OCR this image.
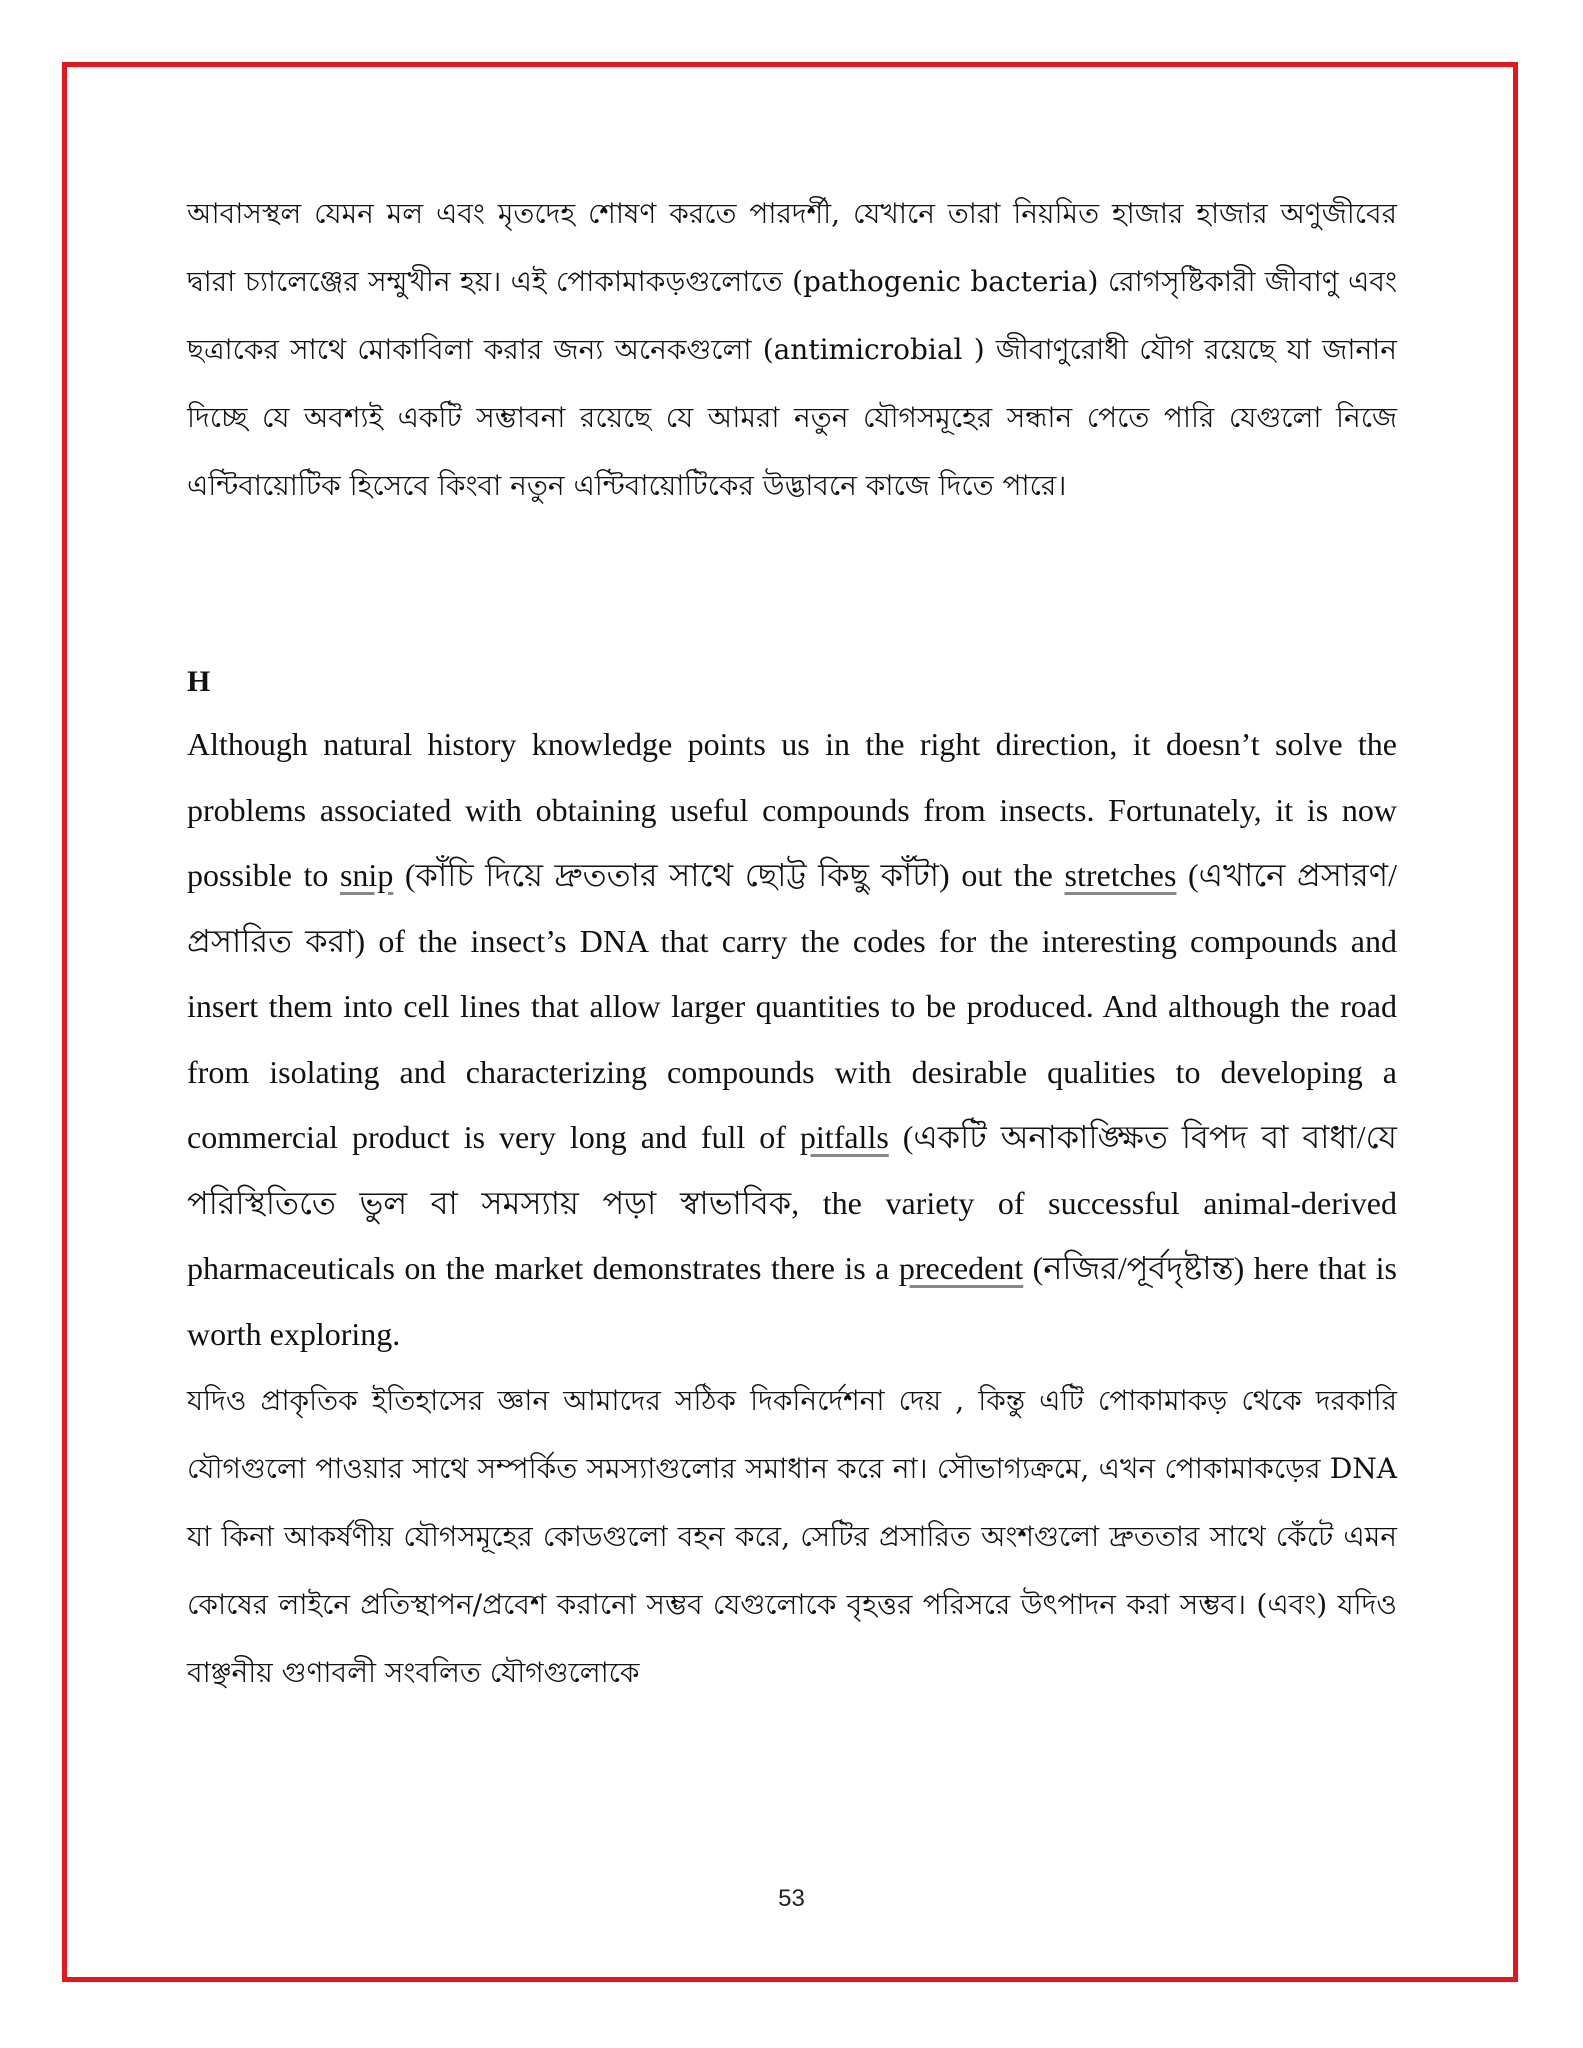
আবাসস্থল যেমন মল এবং মৃতদেহ শোষণ করতে পারদর্শী, যেখানে তারা নিয়মিত হাজার হাজার অণুজীবের দ্বারা চ্যালেঞ্জের সম্মুখীন হয়। এই পোকামাকড়গুলোতে (pathogenic bacteria) রোগসৃষ্টিকারী জীবাণু এবং ছত্রাকের সাথে মোকাবিলা করার জন্য অনেকগুলো (antimicrobial ) জীবাণুরোধী যৌগ রয়েছে যা জানান দিচ্ছে যে অবশ্যই একটি সম্ভাবনা রয়েছে যে আমরা নতুন যৌগসমূহের সন্ধান পেতে পারি যেগুলো নিজে এন্টিবায়োটিক হিসেবে কিংবা নতুন এন্টিবায়োটিকের উদ্ভাবনে কাজে দিতে পারে।

H

Although natural history knowledge points us in the right direction, it doesn’t solve the problems associated with obtaining useful compounds from insects. Fortunately, it is now possible to snip (কাঁচি দিয়ে দ্রুততার সাথে ছোট্ট কিছু কাঁটা) out the stretches (এখানে প্রসারণ/প্রসারিত করা) of the insect’s DNA that carry the codes for the interesting compounds and insert them into cell lines that allow larger quantities to be produced. And although the road from isolating and characterizing compounds with desirable qualities to developing a commercial product is very long and full of pitfalls (একটি অনাকাঙ্ক্ষিত বিপদ বা বাধা/যে পরিস্থিতিতে ভুল বা সমস্যায় পড়া স্বাভাবিক, the variety of successful animal-derived pharmaceuticals on the market demonstrates there is a precedent (নজির/পূর্বদৃষ্টান্ত) here that is worth exploring.

যদিও প্রাকৃতিক ইতিহাসের জ্ঞান আমাদের সঠিক দিকনির্দেশনা দেয় , কিন্তু এটি পোকামাকড় থেকে দরকারি যৌগগুলো পাওয়ার সাথে সম্পর্কিত সমস্যাগুলোর সমাধান করে না। সৌভাগ্যক্রমে, এখন পোকামাকড়ের DNA যা কিনা আকর্ষণীয় যৌগসমূহের কোডগুলো বহন করে, সেটির প্রসারিত অংশগুলো দ্রুততার সাথে কেঁটে এমন কোষের লাইনে প্রতিস্থাপন/প্রবেশ করানো সম্ভব যেগুলোকে বৃহত্তর পরিসরে উৎপাদন করা সম্ভব। (এবং) যদিও বাঞ্ছনীয় গুণাবলী সংবলিত যৌগগুলোকে

53
